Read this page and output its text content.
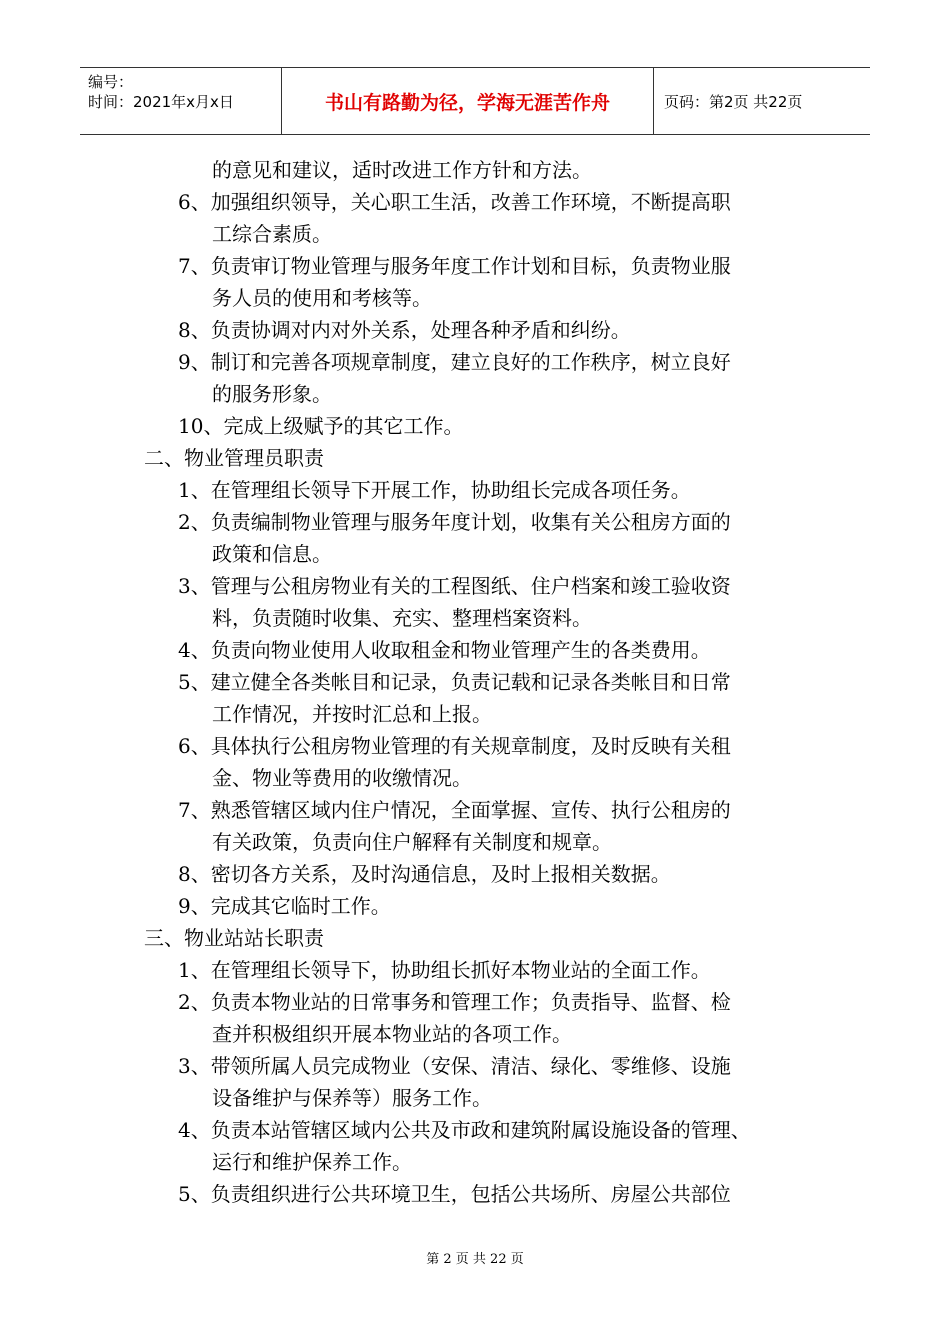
编号：
时间：2021年x月x日	书山有路勤为径，学海无涯苦作舟	页码：第2页 共22页
的意见和建议，适时改进工作方针和方法。
6、加强组织领导，关心职工生活，改善工作环境，不断提高职
工综合素质。
7、负责审订物业管理与服务年度工作计划和目标，负责物业服
务人员的使用和考核等。
8、负责协调对内对外关系，处理各种矛盾和纠纷。
9、制订和完善各项规章制度，建立良好的工作秩序，树立良好
的服务形象。
10、完成上级赋予的其它工作。
二、物业管理员职责
1、在管理组长领导下开展工作，协助组长完成各项任务。
2、负责编制物业管理与服务年度计划，收集有关公租房方面的
政策和信息。
3、管理与公租房物业有关的工程图纸、住户档案和竣工验收资
料，负责随时收集、充实、整理档案资料。
4、负责向物业使用人收取租金和物业管理产生的各类费用。
5、建立健全各类帐目和记录，负责记载和记录各类帐目和日常
工作情况，并按时汇总和上报。
6、具体执行公租房物业管理的有关规章制度，及时反映有关租
金、物业等费用的收缴情况。
7、熟悉管辖区域内住户情况，全面掌握、宣传、执行公租房的
有关政策，负责向住户解释有关制度和规章。
8、密切各方关系，及时沟通信息，及时上报相关数据。
9、完成其它临时工作。
三、物业站站长职责
1、在管理组长领导下，协助组长抓好本物业站的全面工作。
2、负责本物业站的日常事务和管理工作；负责指导、监督、检
查并积极组织开展本物业站的各项工作。
3、带领所属人员完成物业（安保、清洁、绿化、零维修、设施
设备维护与保养等）服务工作。
4、负责本站管辖区域内公共及市政和建筑附属设施设备的管理、
运行和维护保养工作。
5、负责组织进行公共环境卫生，包括公共场所、房屋公共部位
第 2 页 共 22 页
